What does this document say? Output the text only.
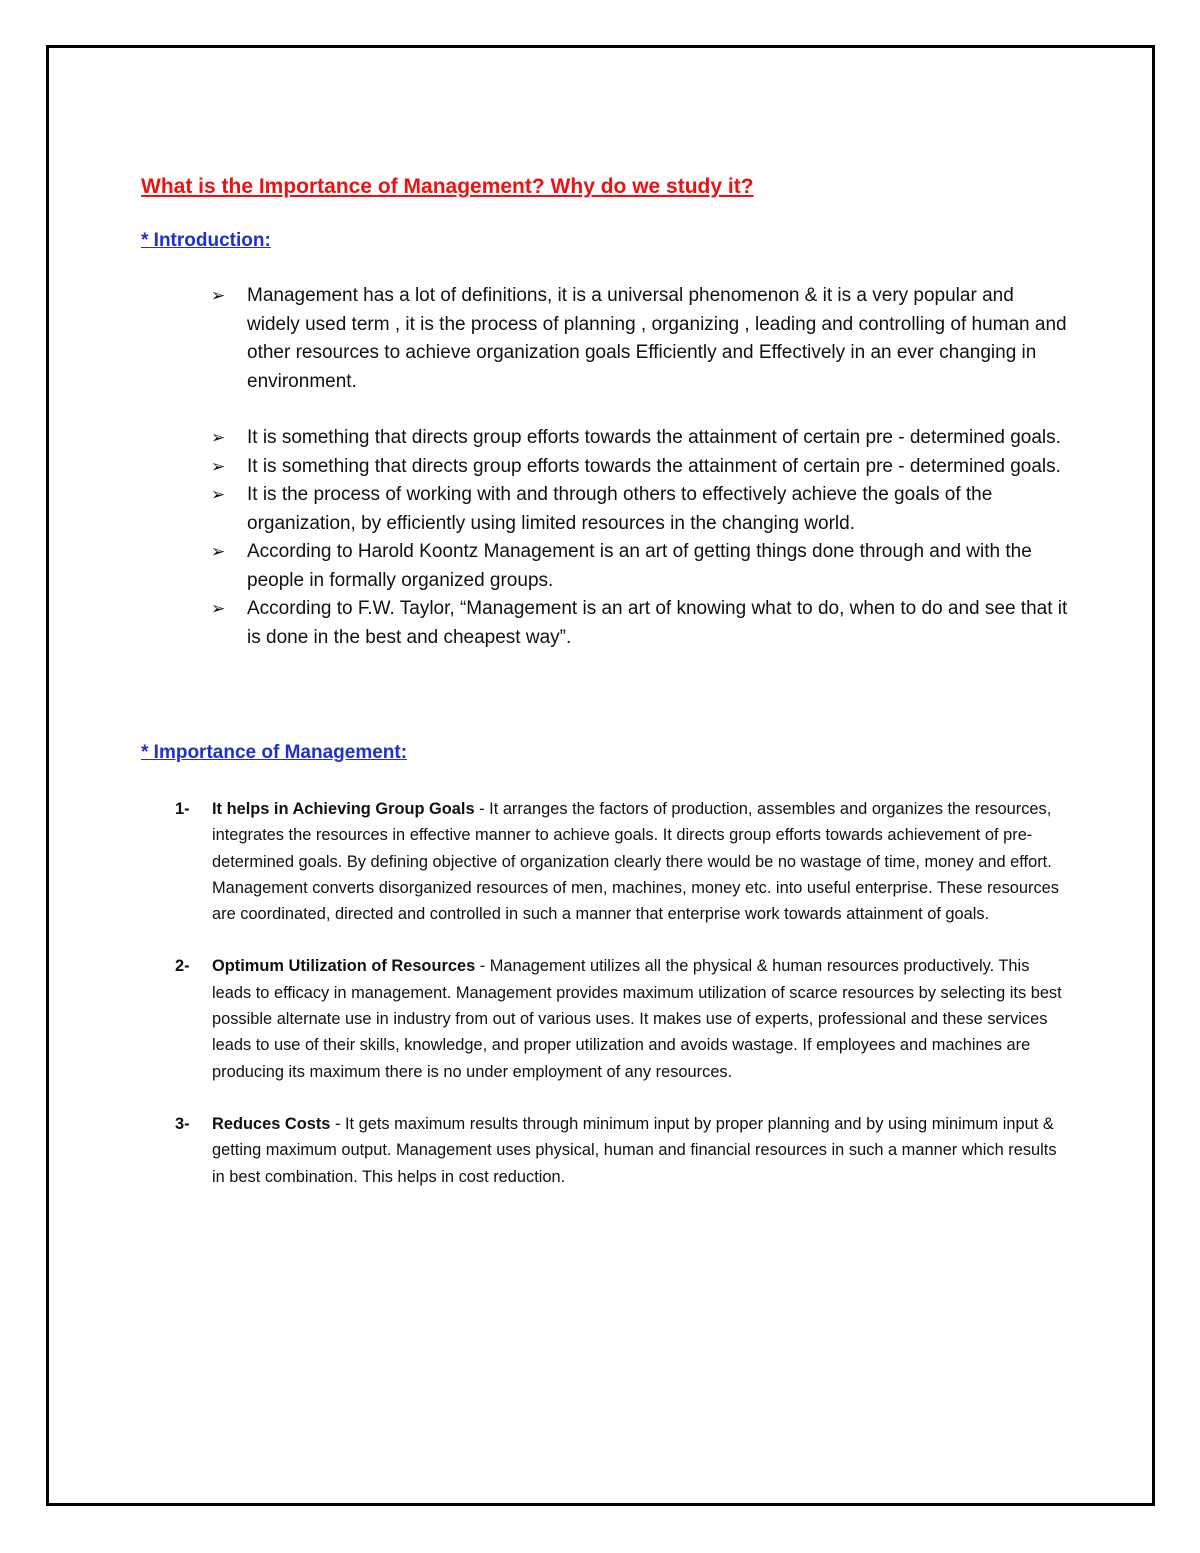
What is the Importance of Management? Why do we study it?
* Introduction:
➢ Management has a lot of definitions, it is a universal phenomenon & it is a very popular and widely used term , it is the process of planning , organizing , leading and controlling of human and other resources to achieve organization goals Efficiently and Effectively in an ever changing in environment.
➢ It is something that directs group efforts towards the attainment of certain pre - determined goals.
➢ It is something that directs group efforts towards the attainment of certain pre - determined goals.
➢ It is the process of working with and through others to effectively achieve the goals of the organization, by efficiently using limited resources in the changing world.
➢ According to Harold Koontz Management is an art of getting things done through and with the people in formally organized groups.
➢ According to F.W. Taylor, “Management is an art of knowing what to do, when to do and see that it is done in the best and cheapest way”.
* Importance of Management:
1- It helps in Achieving Group Goals - It arranges the factors of production, assembles and organizes the resources, integrates the resources in effective manner to achieve goals. It directs group efforts towards achievement of pre-determined goals. By defining objective of organization clearly there would be no wastage of time, money and effort. Management converts disorganized resources of men, machines, money etc. into useful enterprise. These resources are coordinated, directed and controlled in such a manner that enterprise work towards attainment of goals.
2- Optimum Utilization of Resources - Management utilizes all the physical & human resources productively. This leads to efficacy in management. Management provides maximum utilization of scarce resources by selecting its best possible alternate use in industry from out of various uses. It makes use of experts, professional and these services leads to use of their skills, knowledge, and proper utilization and avoids wastage. If employees and machines are producing its maximum there is no under employment of any resources.
3- Reduces Costs - It gets maximum results through minimum input by proper planning and by using minimum input & getting maximum output. Management uses physical, human and financial resources in such a manner which results in best combination. This helps in cost reduction.
